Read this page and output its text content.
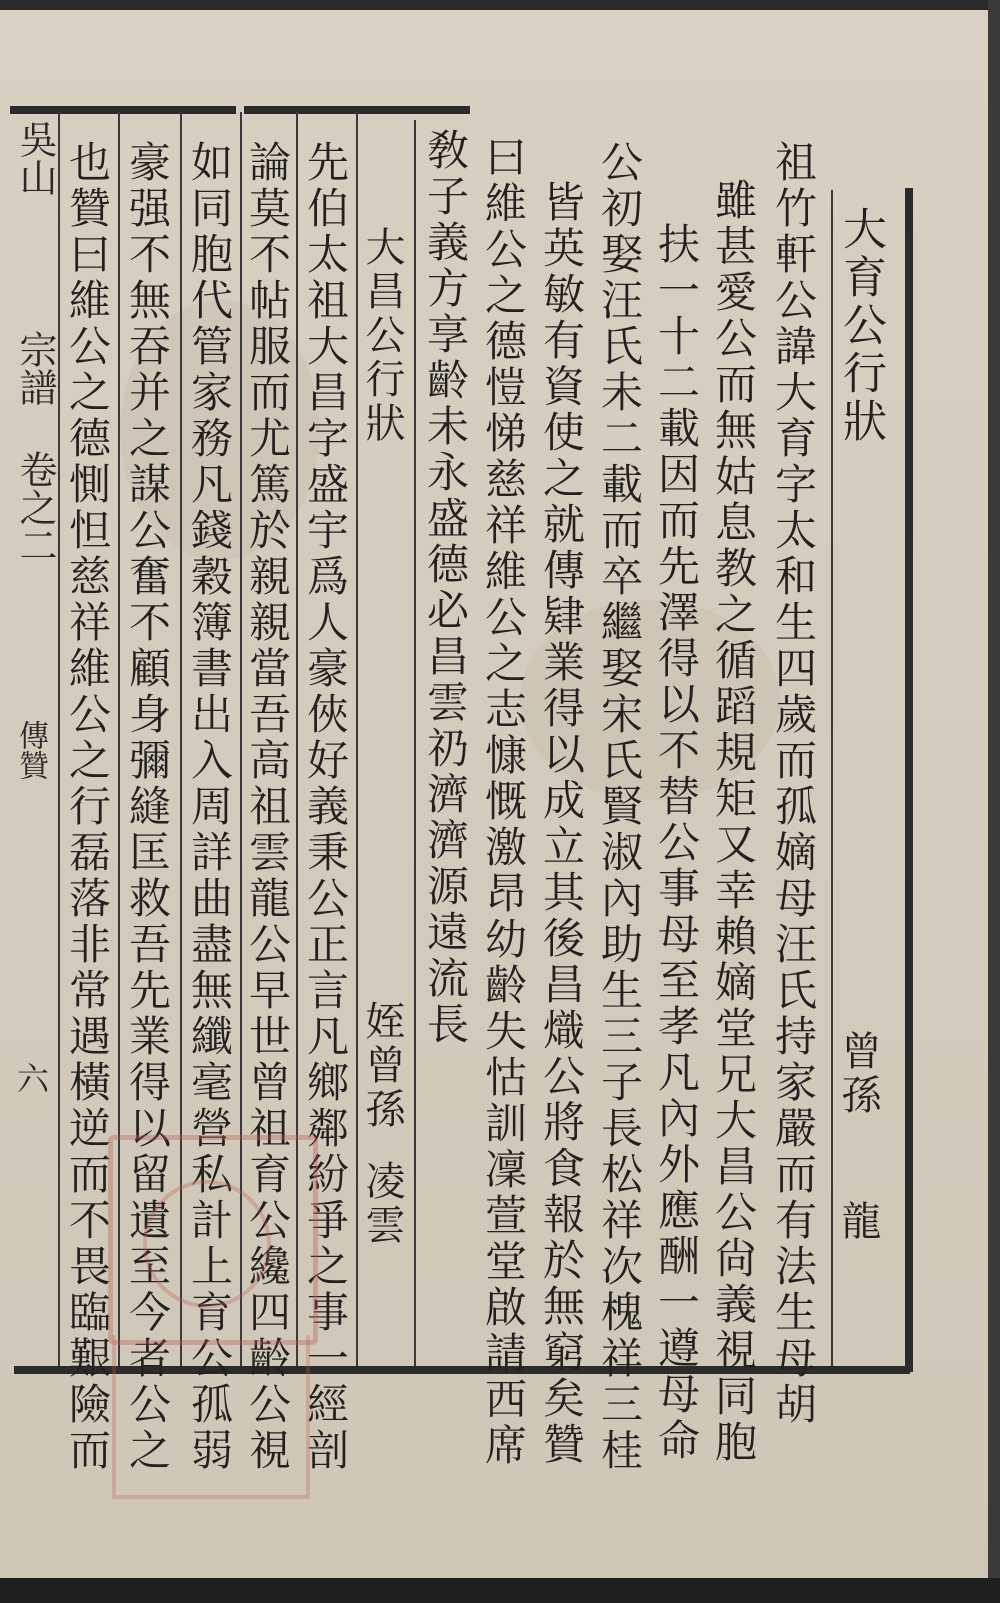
大育公行狀
曾孫
龍
祖竹軒公諱大育字太和生四歲而孤嫡母汪氏持家嚴而有法生母胡
雖甚愛公而無姑息教之循蹈規矩又幸賴嫡堂兄大昌公尙義視同胞
扶一十二載因而先澤得以不替公事母至孝凡內外應酬一遵母命
公初娶汪氏未二載而卒繼娶宋氏賢淑內助生三子長松祥次槐祥三桂
皆英敏有資使之就傳肄業得以成立其後昌熾公將食報於無窮矣贊
曰維公之德愷悌慈祥維公之志慷慨激昂幼齡失怙訓凜萱堂啟請西席
敎子義方享齡未永盛德必昌雲礽濟濟源遠流長
大昌公行狀
姪曾孫
凌雲
先伯太祖大昌字盛宇爲人豪俠好義秉公正言凡鄉鄰紛爭之事一經剖
論莫不帖服而尤篤於親親當吾高祖雲龍公早世曾祖育公纔四齡公視
如同胞代管家務凡錢穀簿書出入周詳曲盡無纖毫營私計上育公孤弱
豪强不無吞并之謀公奮不顧身彌縫匡救吾先業得以留遺至今者公之
也贊曰維公之德惻怛慈祥維公之行磊落非常遇橫逆而不畏臨艱險而
吳山
宗譜
卷之二
傳贊
六
